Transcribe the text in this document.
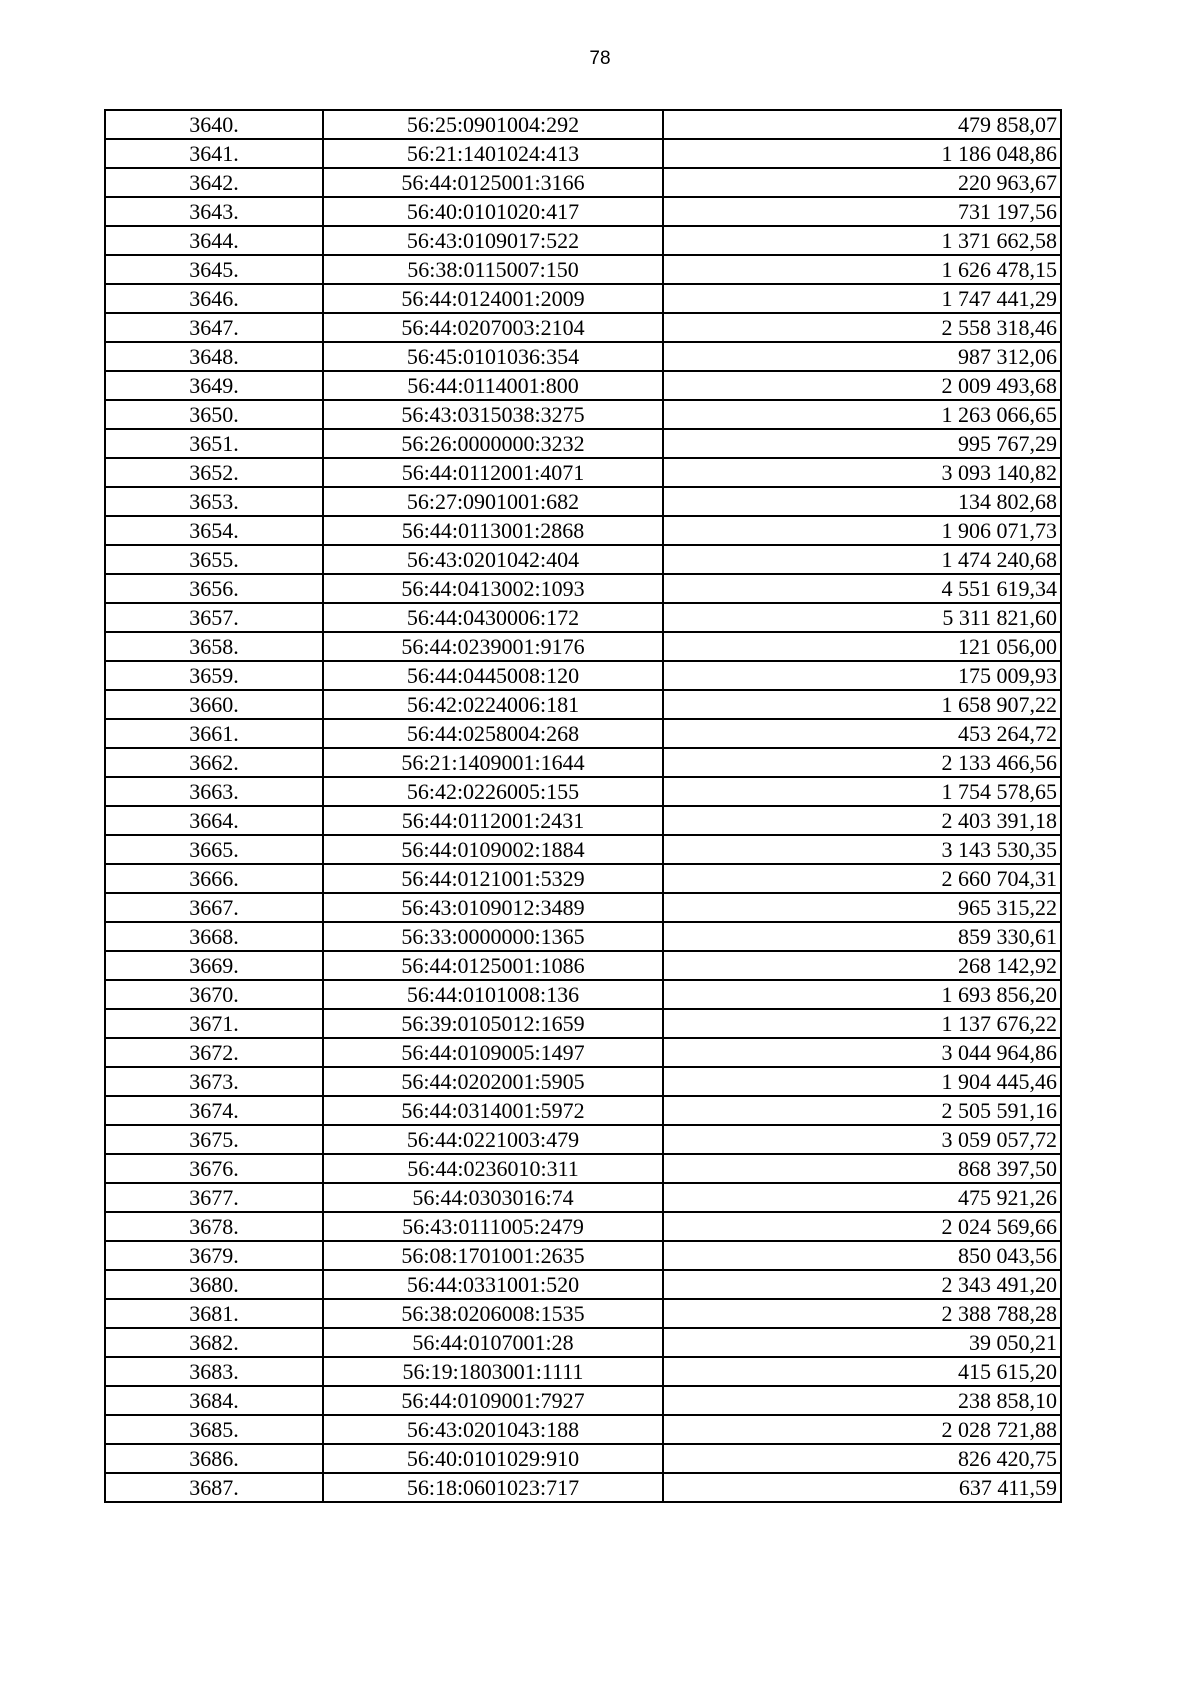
78
3640.	56:25:0901004:292	479 858,07
3641.	56:21:1401024:413	1 186 048,86
3642.	56:44:0125001:3166	220 963,67
3643.	56:40:0101020:417	731 197,56
3644.	56:43:0109017:522	1 371 662,58
3645.	56:38:0115007:150	1 626 478,15
3646.	56:44:0124001:2009	1 747 441,29
3647.	56:44:0207003:2104	2 558 318,46
3648.	56:45:0101036:354	987 312,06
3649.	56:44:0114001:800	2 009 493,68
3650.	56:43:0315038:3275	1 263 066,65
3651.	56:26:0000000:3232	995 767,29
3652.	56:44:0112001:4071	3 093 140,82
3653.	56:27:0901001:682	134 802,68
3654.	56:44:0113001:2868	1 906 071,73
3655.	56:43:0201042:404	1 474 240,68
3656.	56:44:0413002:1093	4 551 619,34
3657.	56:44:0430006:172	5 311 821,60
3658.	56:44:0239001:9176	121 056,00
3659.	56:44:0445008:120	175 009,93
3660.	56:42:0224006:181	1 658 907,22
3661.	56:44:0258004:268	453 264,72
3662.	56:21:1409001:1644	2 133 466,56
3663.	56:42:0226005:155	1 754 578,65
3664.	56:44:0112001:2431	2 403 391,18
3665.	56:44:0109002:1884	3 143 530,35
3666.	56:44:0121001:5329	2 660 704,31
3667.	56:43:0109012:3489	965 315,22
3668.	56:33:0000000:1365	859 330,61
3669.	56:44:0125001:1086	268 142,92
3670.	56:44:0101008:136	1 693 856,20
3671.	56:39:0105012:1659	1 137 676,22
3672.	56:44:0109005:1497	3 044 964,86
3673.	56:44:0202001:5905	1 904 445,46
3674.	56:44:0314001:5972	2 505 591,16
3675.	56:44:0221003:479	3 059 057,72
3676.	56:44:0236010:311	868 397,50
3677.	56:44:0303016:74	475 921,26
3678.	56:43:0111005:2479	2 024 569,66
3679.	56:08:1701001:2635	850 043,56
3680.	56:44:0331001:520	2 343 491,20
3681.	56:38:0206008:1535	2 388 788,28
3682.	56:44:0107001:28	39 050,21
3683.	56:19:1803001:1111	415 615,20
3684.	56:44:0109001:7927	238 858,10
3685.	56:43:0201043:188	2 028 721,88
3686.	56:40:0101029:910	826 420,75
3687.	56:18:0601023:717	637 411,59
